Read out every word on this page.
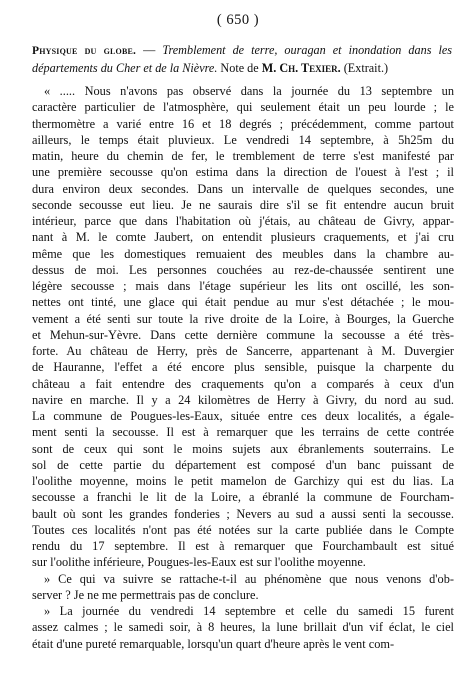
( 650 )
Physique du globe. — Tremblement de terre, ouragan et inondation dans les départements du Cher et de la Nièvre. Note de M. Ch. Texier. (Extrait.)
« ..... Nous n'avons pas observé dans la journée du 13 septembre un
caractère particulier de l'atmosphère, qui seulement était un peu lourde ; le
thermomètre a varié entre 16 et 18 degrés ; précédemment, comme partout
ailleurs, le temps était pluvieux. Le vendredi 14 septembre, à 5h25m du
matin, heure du chemin de fer, le tremblement de terre s'est manifesté par
une première secousse qu'on estima dans la direction de l'ouest à l'est ; il
dura environ deux secondes. Dans un intervalle de quelques secondes, une
seconde secousse eut lieu. Je ne saurais dire s'il se fit entendre aucun bruit
intérieur, parce que dans l'habitation où j'étais, au château de Givry, appar-
nant à M. le comte Jaubert, on entendit plusieurs craquements, et j'ai cru
même que les domestiques remuaient des meubles dans la chambre au-
dessus de moi. Les personnes couchées au rez-de-chaussée sentirent une
légère secousse ; mais dans l'étage supérieur les lits ont oscillé, les son-
nettes ont tinté, une glace qui était pendue au mur s'est détachée ; le mou-
vement a été senti sur toute la rive droite de la Loire, à Bourges, la Guerche
et Mehun-sur-Yèvre. Dans cette dernière commune la secousse a été très-
forte. Au château de Herry, près de Sancerre, appartenant à M. Duvergier
de Hauranne, l'effet a été encore plus sensible, puisque la charpente du
château a fait entendre des craquements qu'on a comparés à ceux d'un
navire en marche. Il y a 24 kilomètres de Herry à Givry, du nord au sud.
La commune de Pougues-les-Eaux, située entre ces deux localités, a égale-
ment senti la secousse. Il est à remarquer que les terrains de cette contrée
sont de ceux qui sont le moins sujets aux ébranlements souterrains. Le
sol de cette partie du département est composé d'un banc puissant de
l'oolithe moyenne, moins le petit mamelon de Garchizy qui est du lias. La
secousse a franchi le lit de la Loire, a ébranlé la commune de Fourcham-
bault où sont les grandes fonderies ; Nevers au sud a aussi senti la secousse.
Toutes ces localités n'ont pas été notées sur la carte publiée dans le Compte
rendu du 17 septembre. Il est à remarquer que Fourchambault est situé
sur l'oolithe inférieure, Pougues-les-Eaux est sur l'oolithe moyenne.
» Ce qui va suivre se rattache-t-il au phénomène que nous venons d'ob-
server ? Je ne me permettrais pas de conclure.
» La journée du vendredi 14 septembre et celle du samedi 15 furent
assez calmes ; le samedi soir, à 8 heures, la lune brillait d'un vif éclat, le ciel
était d'une pureté remarquable, lorsqu'un quart d'heure après le vent com-
